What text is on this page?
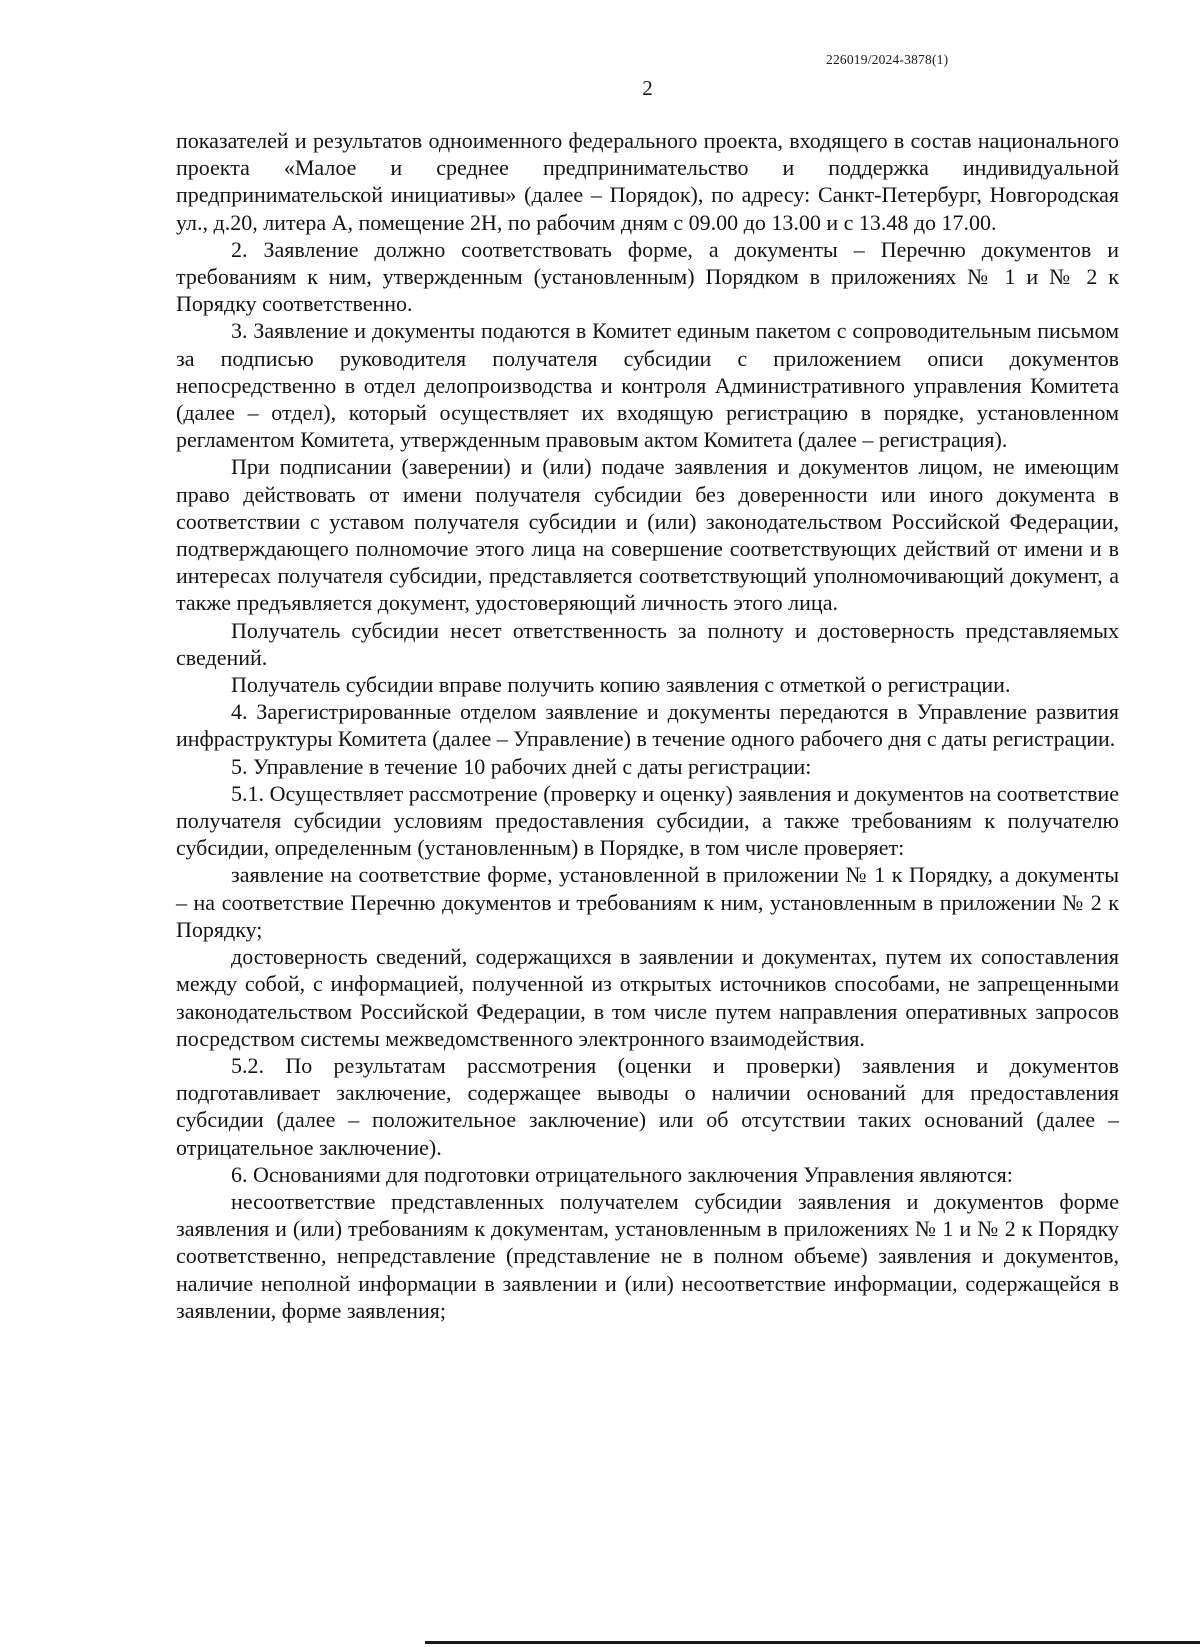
226019/2024-3878(1)
2

показателей и результатов одноименного федерального проекта, входящего в состав национального проекта «Малое и среднее предпринимательство и поддержка индивидуальной предпринимательской инициативы» (далее – Порядок), по адресу: Санкт-Петербург, Новгородская ул., д.20, литера А, помещение 2Н, по рабочим дням с 09.00 до 13.00 и с 13.48 до 17.00.

2. Заявление должно соответствовать форме, а документы – Перечню документов и требованиям к ним, утвержденным (установленным) Порядком в приложениях № 1 и № 2 к Порядку соответственно.

3. Заявление и документы подаются в Комитет единым пакетом с сопроводительным письмом за подписью руководителя получателя субсидии с приложением описи документов непосредственно в отдел делопроизводства и контроля Административного управления Комитета (далее – отдел), который осуществляет их входящую регистрацию в порядке, установленном регламентом Комитета, утвержденным правовым актом Комитета (далее – регистрация).

При подписании (заверении) и (или) подаче заявления и документов лицом, не имеющим право действовать от имени получателя субсидии без доверенности или иного документа в соответствии с уставом получателя субсидии и (или) законодательством Российской Федерации, подтверждающего полномочие этого лица на совершение соответствующих действий от имени и в интересах получателя субсидии, представляется соответствующий уполномочивающий документ, а также предъявляется документ, удостоверяющий личность этого лица.

Получатель субсидии несет ответственность за полноту и достоверность представляемых сведений.

Получатель субсидии вправе получить копию заявления с отметкой о регистрации.

4. Зарегистрированные отделом заявление и документы передаются в Управление развития инфраструктуры Комитета (далее – Управление) в течение одного рабочего дня с даты регистрации.

5. Управление в течение 10 рабочих дней с даты регистрации:

5.1. Осуществляет рассмотрение (проверку и оценку) заявления и документов на соответствие получателя субсидии условиям предоставления субсидии, а также требованиям к получателю субсидии, определенным (установленным) в Порядке, в том числе проверяет:

заявление на соответствие форме, установленной в приложении № 1 к Порядку, а документы – на соответствие Перечню документов и требованиям к ним, установленным в приложении № 2 к Порядку;

достоверность сведений, содержащихся в заявлении и документах, путем их сопоставления между собой, с информацией, полученной из открытых источников способами, не запрещенными законодательством Российской Федерации, в том числе путем направления оперативных запросов посредством системы межведомственного электронного взаимодействия.

5.2. По результатам рассмотрения (оценки и проверки) заявления и документов подготавливает заключение, содержащее выводы о наличии оснований для предоставления субсидии (далее – положительное заключение) или об отсутствии таких оснований (далее – отрицательное заключение).

6. Основаниями для подготовки отрицательного заключения Управления являются:

несоответствие представленных получателем субсидии заявления и документов форме заявления и (или) требованиям к документам, установленным в приложениях № 1 и № 2 к Порядку соответственно, непредставление (представление не в полном объеме) заявления и документов, наличие неполной информации в заявлении и (или) несоответствие информации, содержащейся в заявлении, форме заявления;
